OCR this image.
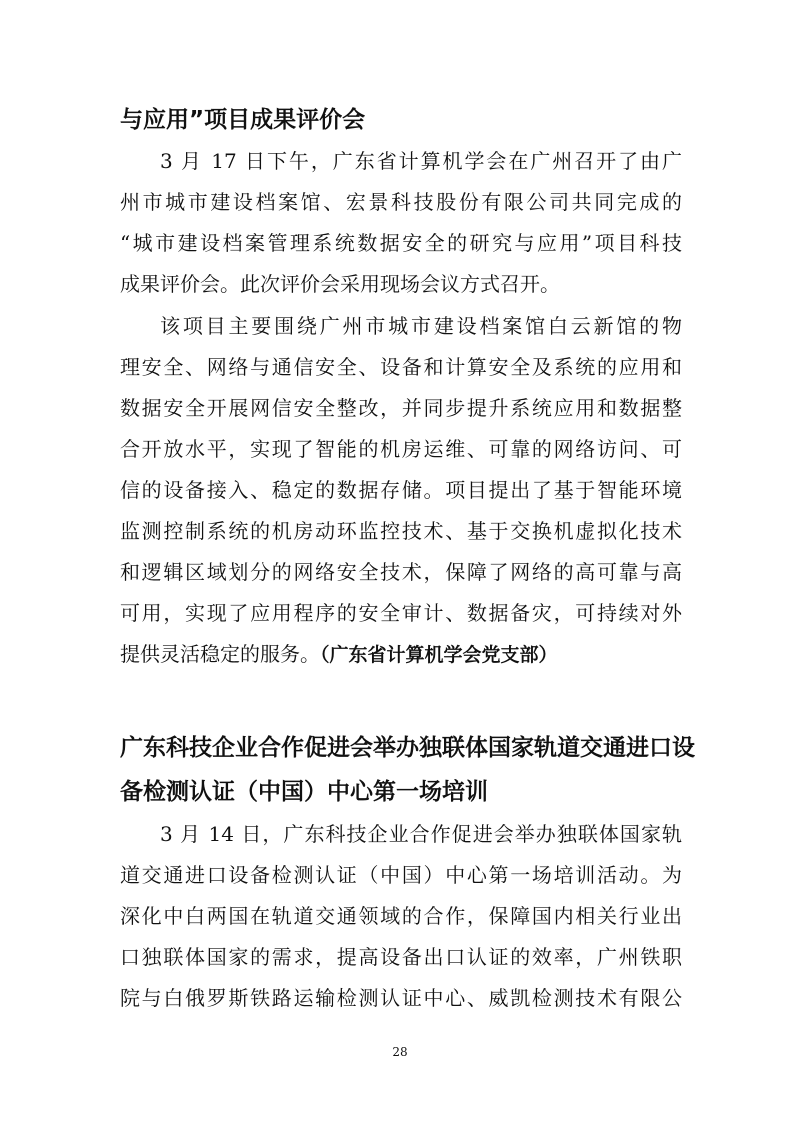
与应用”项目成果评价会
3 月 17 日下午，广东省计算机学会在广州召开了由广
州市城市建设档案馆、宏景科技股份有限公司共同完成的
“城市建设档案管理系统数据安全的研究与应用”项目科技
成果评价会。此次评价会采用现场会议方式召开。
该项目主要围绕广州市城市建设档案馆白云新馆的物
理安全、网络与通信安全、设备和计算安全及系统的应用和
数据安全开展网信安全整改，并同步提升系统应用和数据整
合开放水平，实现了智能的机房运维、可靠的网络访问、可
信的设备接入、稳定的数据存储。项目提出了基于智能环境
监测控制系统的机房动环监控技术、基于交换机虚拟化技术
和逻辑区域划分的网络安全技术，保障了网络的高可靠与高
可用，实现了应用程序的安全审计、数据备灾，可持续对外
提供灵活稳定的服务。（广东省计算机学会党支部）
广东科技企业合作促进会举办独联体国家轨道交通进口设
备检测认证（中国）中心第一场培训
3 月 14 日，广东科技企业合作促进会举办独联体国家轨
道交通进口设备检测认证（中国）中心第一场培训活动。为
深化中白两国在轨道交通领域的合作，保障国内相关行业出
口独联体国家的需求，提高设备出口认证的效率，广州铁职
院与白俄罗斯铁路运输检测认证中心、威凯检测技术有限公
28
